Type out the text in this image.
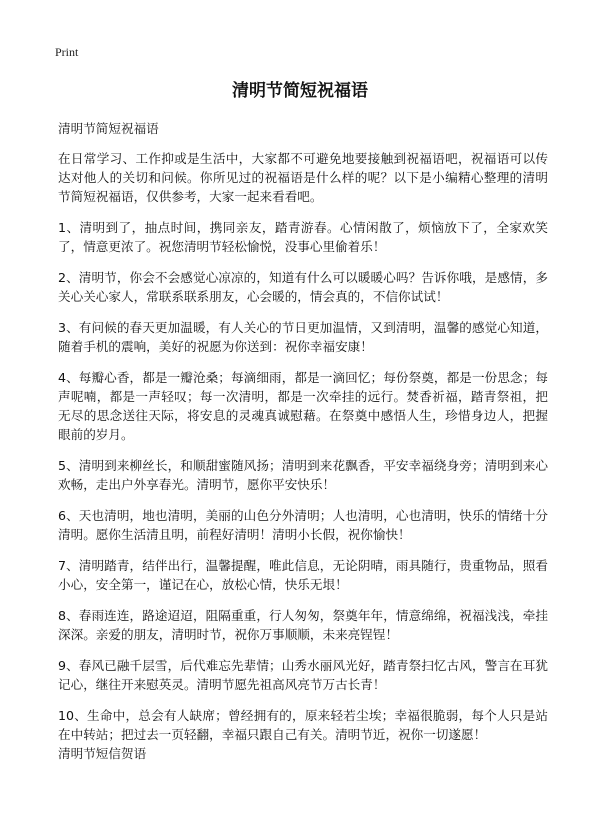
Print
清明节简短祝福语

清明节简短祝福语

在日常学习、工作抑或是生活中，大家都不可避免地要接触到祝福语吧，祝福语可以传达对他人的关切和问候。你所见过的祝福语是什么样的呢？以下是小编精心整理的清明节简短祝福语，仅供参考，大家一起来看看吧。

1、清明到了，抽点时间，携同亲友，踏青游春。心情闲散了，烦恼放下了，全家欢笑了，情意更浓了。祝您清明节轻松愉悦，没事心里偷着乐！

2、清明节，你会不会感觉心凉凉的，知道有什么可以暖暖心吗？告诉你哦，是感情，多关心关心家人，常联系联系朋友，心会暖的，情会真的，不信你试试！

3、有问候的春天更加温暖，有人关心的节日更加温情，又到清明，温馨的感觉心知道，随着手机的震响，美好的祝愿为你送到：祝你幸福安康！

4、每瓣心香，都是一瓣沧桑；每滴细雨，都是一滴回忆；每份祭奠，都是一份思念；每声呢喃，都是一声轻叹；每一次清明，都是一次牵挂的远行。焚香祈福，踏青祭祖，把无尽的思念送往天际，将安息的灵魂真诚慰藉。在祭奠中感悟人生，珍惜身边人，把握眼前的岁月。

5、清明到来柳丝长，和顺甜蜜随风扬；清明到来花飘香，平安幸福绕身旁；清明到来心欢畅，走出户外享春光。清明节，愿你平安快乐！

6、天也清明，地也清明，美丽的山色分外清明；人也清明，心也清明，快乐的情绪十分清明。愿你生活清且明，前程好清明！清明小长假，祝你愉快！

7、清明踏青，结伴出行，温馨提醒，唯此信息，无论阴晴，雨具随行，贵重物品，照看小心，安全第一，谨记在心，放松心情，快乐无垠！

8、春雨连连，路途迢迢，阻隔重重，行人匆匆，祭奠年年，情意绵绵，祝福浅浅，牵挂深深。亲爱的朋友，清明时节，祝你万事顺顺，未来亮锃锃！

9、春风已融千层雪，后代难忘先辈情；山秀水丽风光好，踏青祭扫忆古风，警言在耳犹记心，继往开来慰英灵。清明节愿先祖高风亮节万古长青！

10、生命中，总会有人缺席；曾经拥有的，原来轻若尘埃；幸福很脆弱，每个人只是站在中转站；把过去一页轻翻，幸福只跟自己有关。清明节近，祝你一切遂愿！

清明节短信贺语
